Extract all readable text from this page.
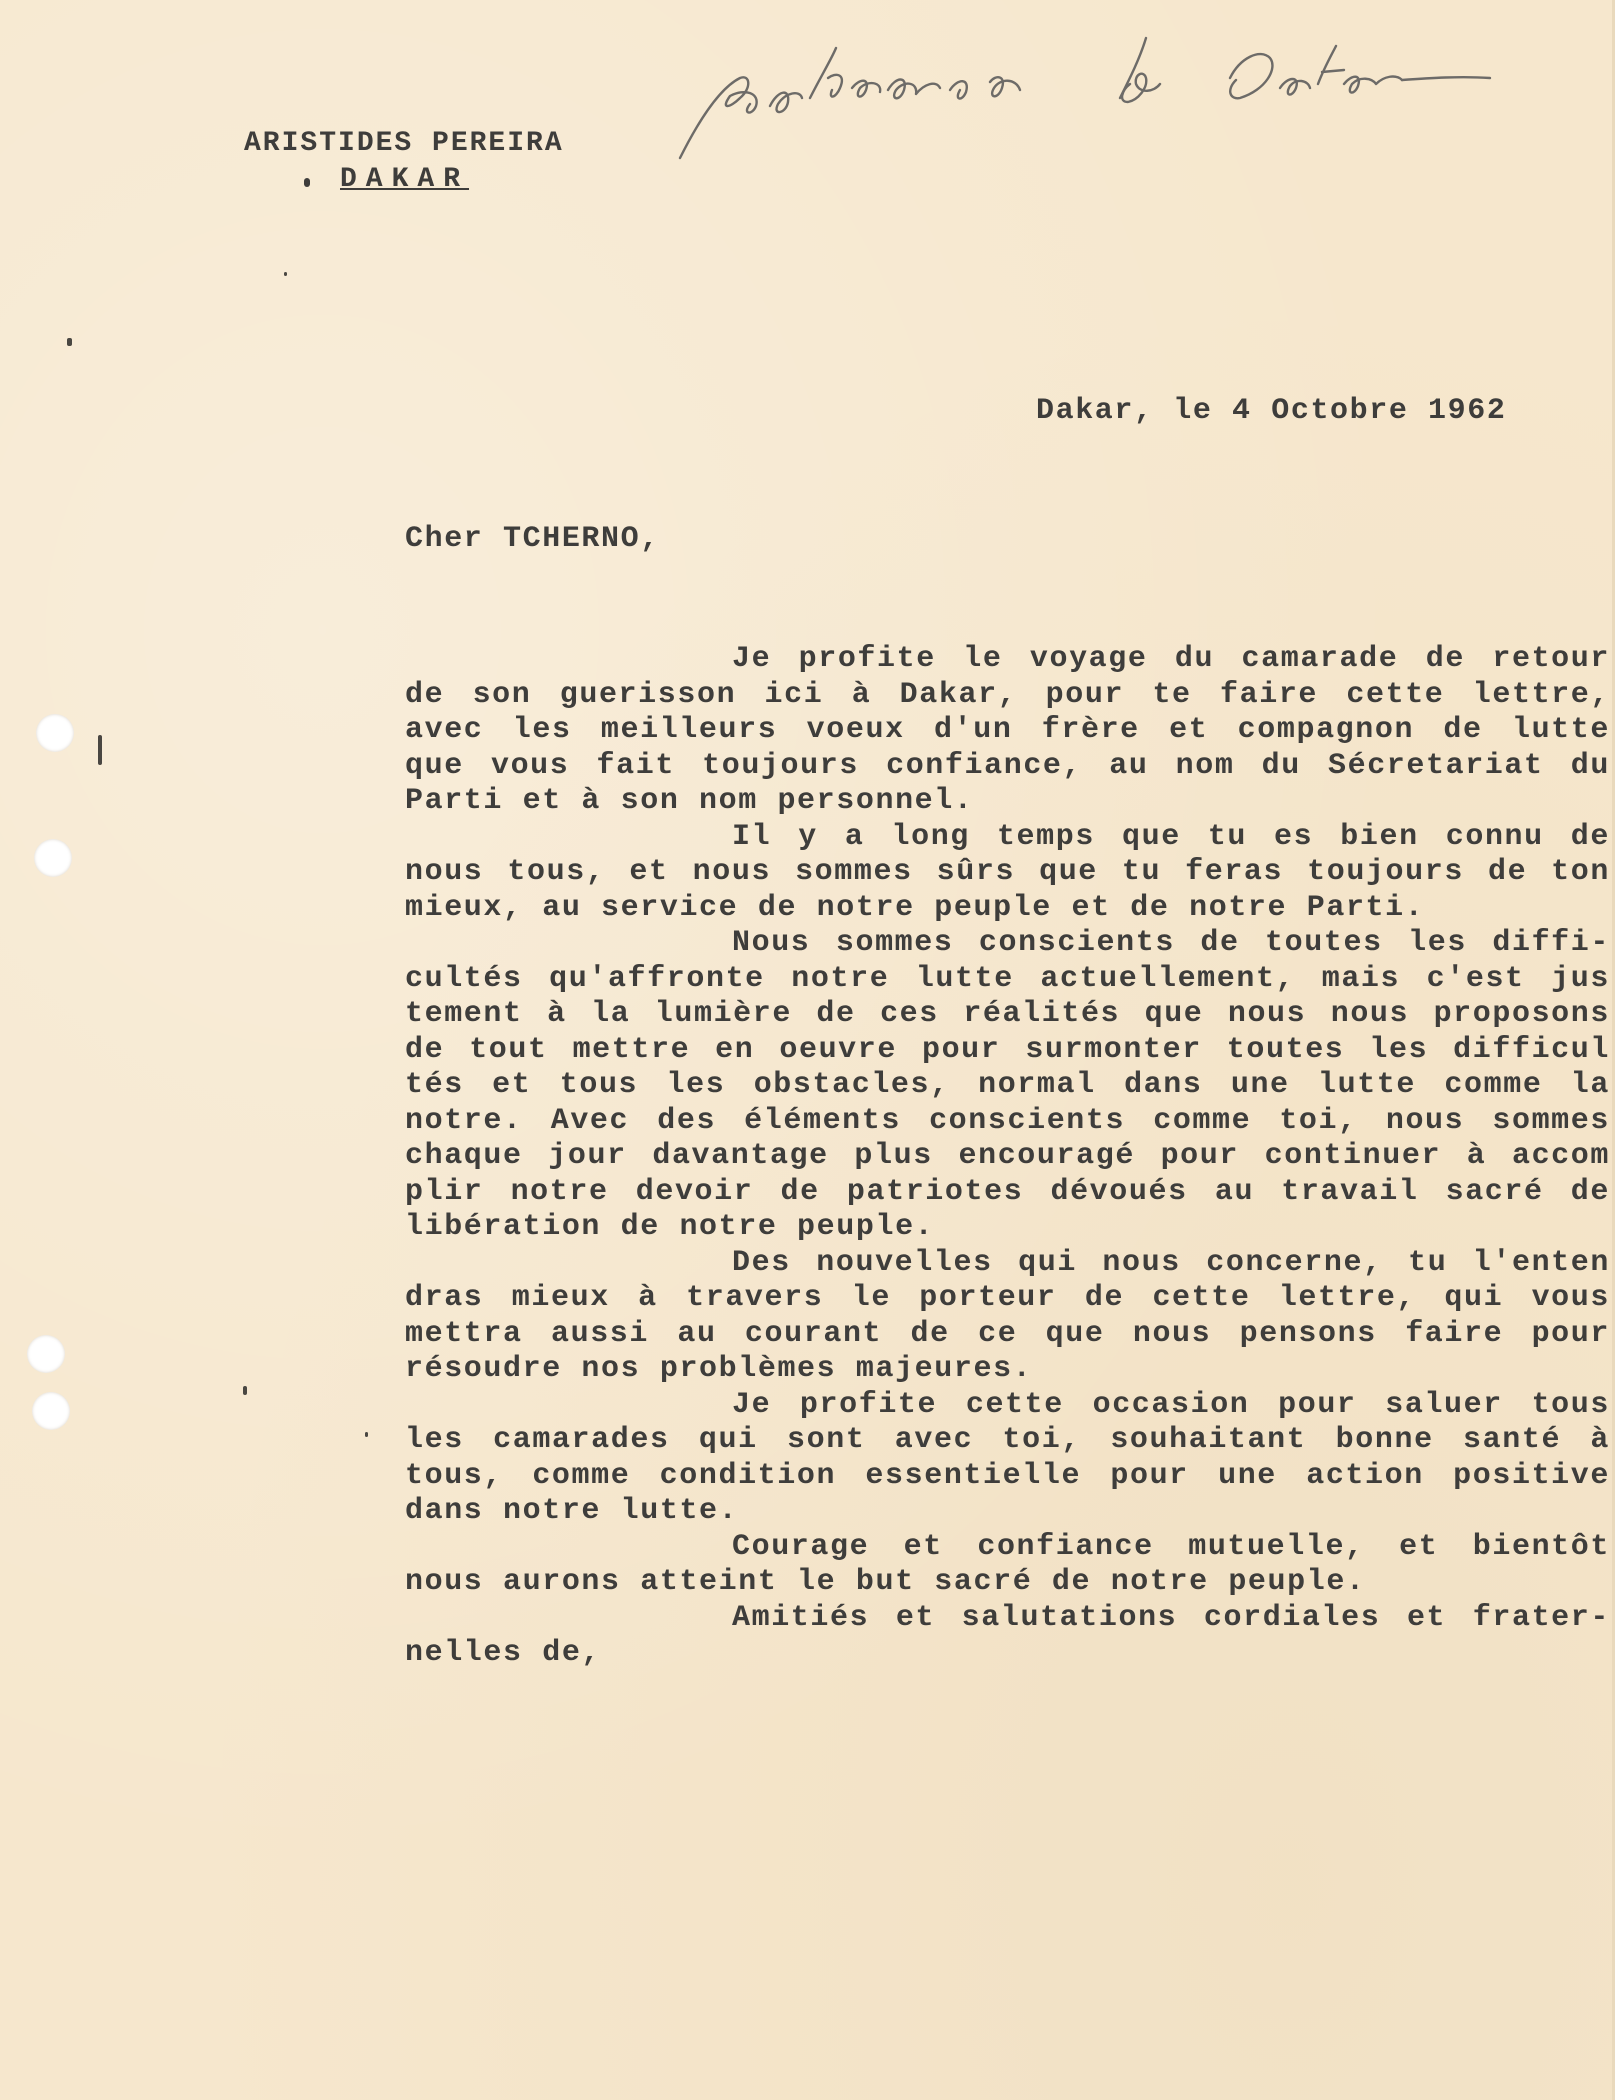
ARISTIDES PEREIRA
DAKAR
Dakar, le 4 Octobre 1962
Cher TCHERNO,
Je profite le voyage du camarade de retour
de son guerisson ici à Dakar, pour te faire cette lettre,
avec les meilleurs voeux d'un frère et compagnon de lutte
que vous fait toujours confiance, au nom du Sécretariat du
Parti et à son nom personnel.
Il y a long temps que tu es bien connu de
nous tous, et nous sommes sûrs que tu feras toujours de ton
mieux, au service de notre peuple et de notre Parti.
Nous sommes conscients de toutes les diffi-
cultés qu'affronte notre lutte actuellement, mais c'est jus
tement à la lumière de ces réalités que nous nous proposons
de tout mettre en oeuvre pour surmonter toutes les difficul
tés et tous les obstacles, normal dans une lutte comme la
notre. Avec des éléments conscients comme toi, nous sommes
chaque jour davantage plus encouragé pour continuer à accom
plir notre devoir de patriotes dévoués au travail sacré de
libération de notre peuple.
Des nouvelles qui nous concerne, tu l'enten
dras mieux à travers le porteur de cette lettre, qui vous
mettra aussi au courant de ce que nous pensons faire pour
résoudre nos problèmes majeures.
Je profite cette occasion pour saluer tous
les camarades qui sont avec toi, souhaitant bonne santé à
tous, comme condition essentielle pour une action positive
dans notre lutte.
Courage et confiance mutuelle, et bientôt
nous aurons atteint le but sacré de notre peuple.
Amitiés et salutations cordiales et frater-
nelles de,
